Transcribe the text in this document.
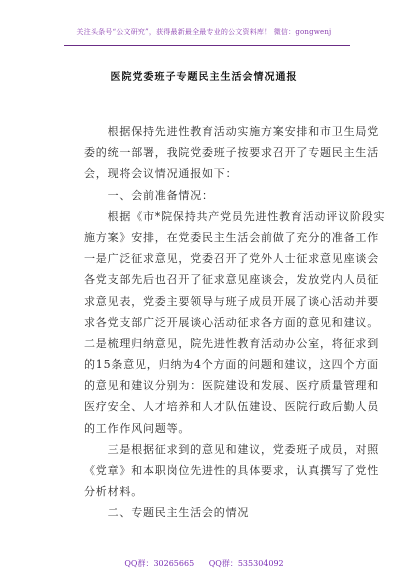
关注头条号“公文研究”，获得最新最全最专业的公文资料库！ 微信：gongwenj
医院党委班子专题民主生活会情况通报
　　根据保持先进性教育活动实施方案安排和市卫生局党
委的统一部署，我院党委班子按要求召开了专题民主生活
会，现将会议情况通报如下：
　　一、会前准备情况：
　　根据《市*院保持共产党员先进性教育活动评议阶段实
施方案》安排，在党委民主生活会前做了充分的准备工作
一是广泛征求意见，党委召开了党外人士征求意见座谈会
各党支部先后也召开了征求意见座谈会，发放党内人员征
求意见表，党委主要领导与班子成员开展了谈心活动并要
求各党支部广泛开展谈心活动征求各方面的意见和建议。
二是梳理归纳意见，院先进性教育活动办公室，将征求到
的15条意见，归纳为4个方面的问题和建议，这四个方面
的意见和建议分别为：医院建设和发展、医疗质量管理和
医疗安全、人才培养和人才队伍建设、医院行政后勤人员
的工作作风问题等。
　　三是根据征求到的意见和建议，党委班子成员，对照
《党章》和本职岗位先进性的具体要求，认真撰写了党性
分析材料。
　　二、专题民主生活会的情况
QQ群：30265665 QQ群：535304092
